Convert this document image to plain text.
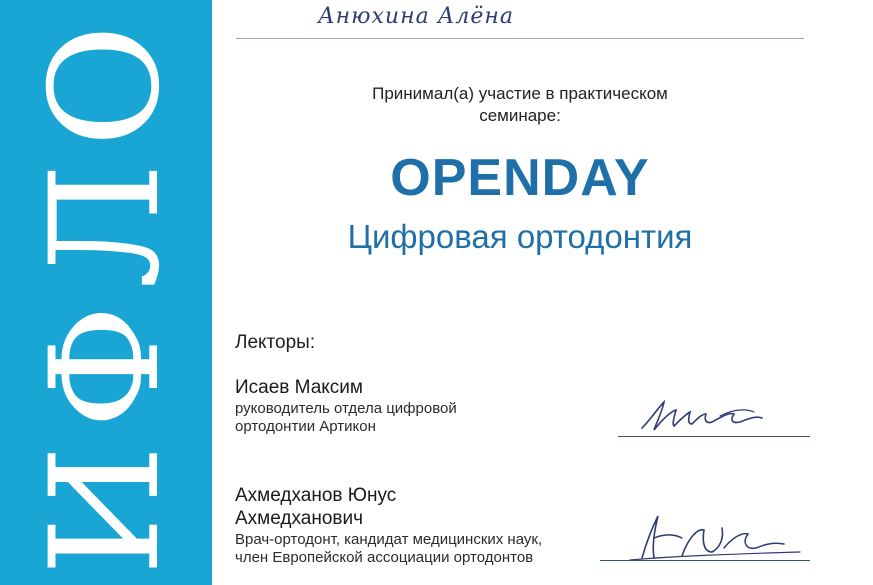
ИФЛО	Анюхина Алёна
Принимал(а) участие в практическом
семинаре:
OPENDAY
Цифровая ортодонтия
Лекторы:
Исаев Максим
руководитель отдела цифровой
ортодонтии Артикон
Ахмедханов Юнус Ахмедханович
Врач-ортодонт, кандидат медицинских наук,
член Европейской ассоциации ортодонтов
